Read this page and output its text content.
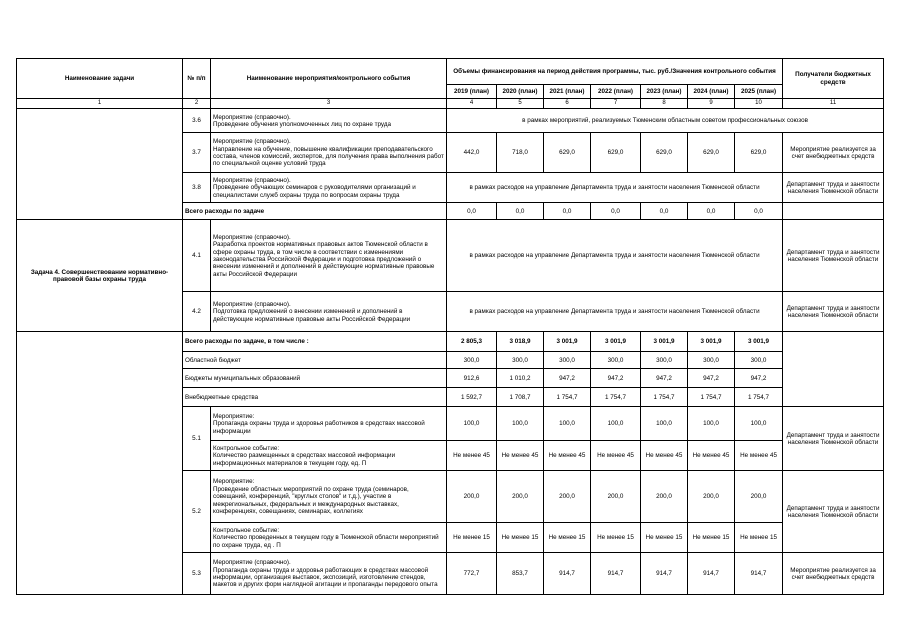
Наименование задачи	№ п/п	Наименование мероприятия/контрольного события	Объемы финансирования на период действия программы, тыс. руб./Значения контрольного события							Получатели бюджетных средств
			2019 (план)	2020 (план)	2021 (план)	2022 (план)	2023 (план)	2024 (план)	2025 (план)	
1	2	3	4	5	6	7	8	9	10	11
	3.6	Мероприятие (справочно).
Проведение обучения уполномоченных лиц по охране труда	в рамках мероприятий, реализуемых Тюменским областным советом профессиональных союзов							
	3.7	Мероприятие (справочно).
Направление на обучение, повышение квалификации преподавательского состава, членов комиссий, экспертов, для получения права выполнения работ по специальной оценке условий труда	442,0	718,0	629,0	629,0	629,0	629,0	629,0	Мероприятие реализуется за счет внебюджетных средств
	3.8	Мероприятие (справочно).
Проведение обучающих семинаров с руководителями организаций и специалистами служб охраны труда по вопросам охраны труда	в рамках расходов на управление Департамента труда и занятости населения Тюменской области							Департамент труда и занятости населения Тюменской области
	Всего расходы по задаче		0,0	0,0	0,0	0,0	0,0	0,0	0,0	
Задача 4. Совершенствование нормативно-правовой базы охраны труда	4.1	Мероприятие (справочно).
Разработка проектов нормативных правовых актов Тюменской области в сфере охраны труда, в том числе в соответствии с изменениями законодательства Российской Федерации и подготовка предложений о внесении изменений и дополнений в действующие нормативные правовые акты Российской Федерации	в рамках расходов на управление Департамента труда и занятости населения Тюменской области							Департамент труда и занятости населения Тюменской области
	4.2	Мероприятие (справочно).
Подготовка предложений о внесении изменений и дополнений в действующие нормативные правовые акты Российской Федерации	в рамках расходов на управление Департамента труда и занятости населения Тюменской области							Департамент труда и занятости населения Тюменской области
	Всего расходы по задаче, в том числе :		2 805,3	3 018,9	3 001,9	3 001,9	3 001,9	3 001,9	3 001,9	
	Областной бюджет		300,0	300,0	300,0	300,0	300,0	300,0	300,0	
	Бюджеты муниципальных образований		912,6	1 010,2	947,2	947,2	947,2	947,2	947,2	
	Внебюджетные средства		1 592,7	1 708,7	1 754,7	1 754,7	1 754,7	1 754,7	1 754,7	
	5.1	Мероприятие:
Пропаганда охраны труда и здоровья работников в средствах массовой информации	100,0	100,0	100,0	100,0	100,0	100,0	100,0	Департамент труда и занятости населения Тюменской области
		Контрольное событие:
Количество размещенных в средствах массовой информации информационных материалов в текущем году, ед. П	Не менее 45	Не менее 45	Не менее 45	Не менее 45	Не менее 45	Не менее 45	Не менее 45	
	5.2	Мероприятие:
Проведение областных мероприятий по охране труда (семинаров, совещаний, конференций, "круглых столов" и т.д.), участие в межрегиональных, федеральных и международных выставках, конференциях, совещаниях, семинарах, коллегиях	200,0	200,0	200,0	200,0	200,0	200,0	200,0	Департамент труда и занятости населения Тюменской области
		Контрольное событие:
Количество проведенных в текущем году в Тюменской области мероприятий по охране труда, ед . П	Не менее 15	Не менее 15	Не менее 15	Не менее 15	Не менее 15	Не менее 15	Не менее 15	
	5.3	Мероприятие (справочно).
Пропаганда охраны труда и здоровья работающих в средствах массовой информации, организация выставок, экспозиций, изготовление стендов, макетов и других форм наглядной агитации и пропаганды передового опыта	772,7	853,7	914,7	914,7	914,7	914,7	914,7	Мероприятие реализуется за счет внебюджетных средств
